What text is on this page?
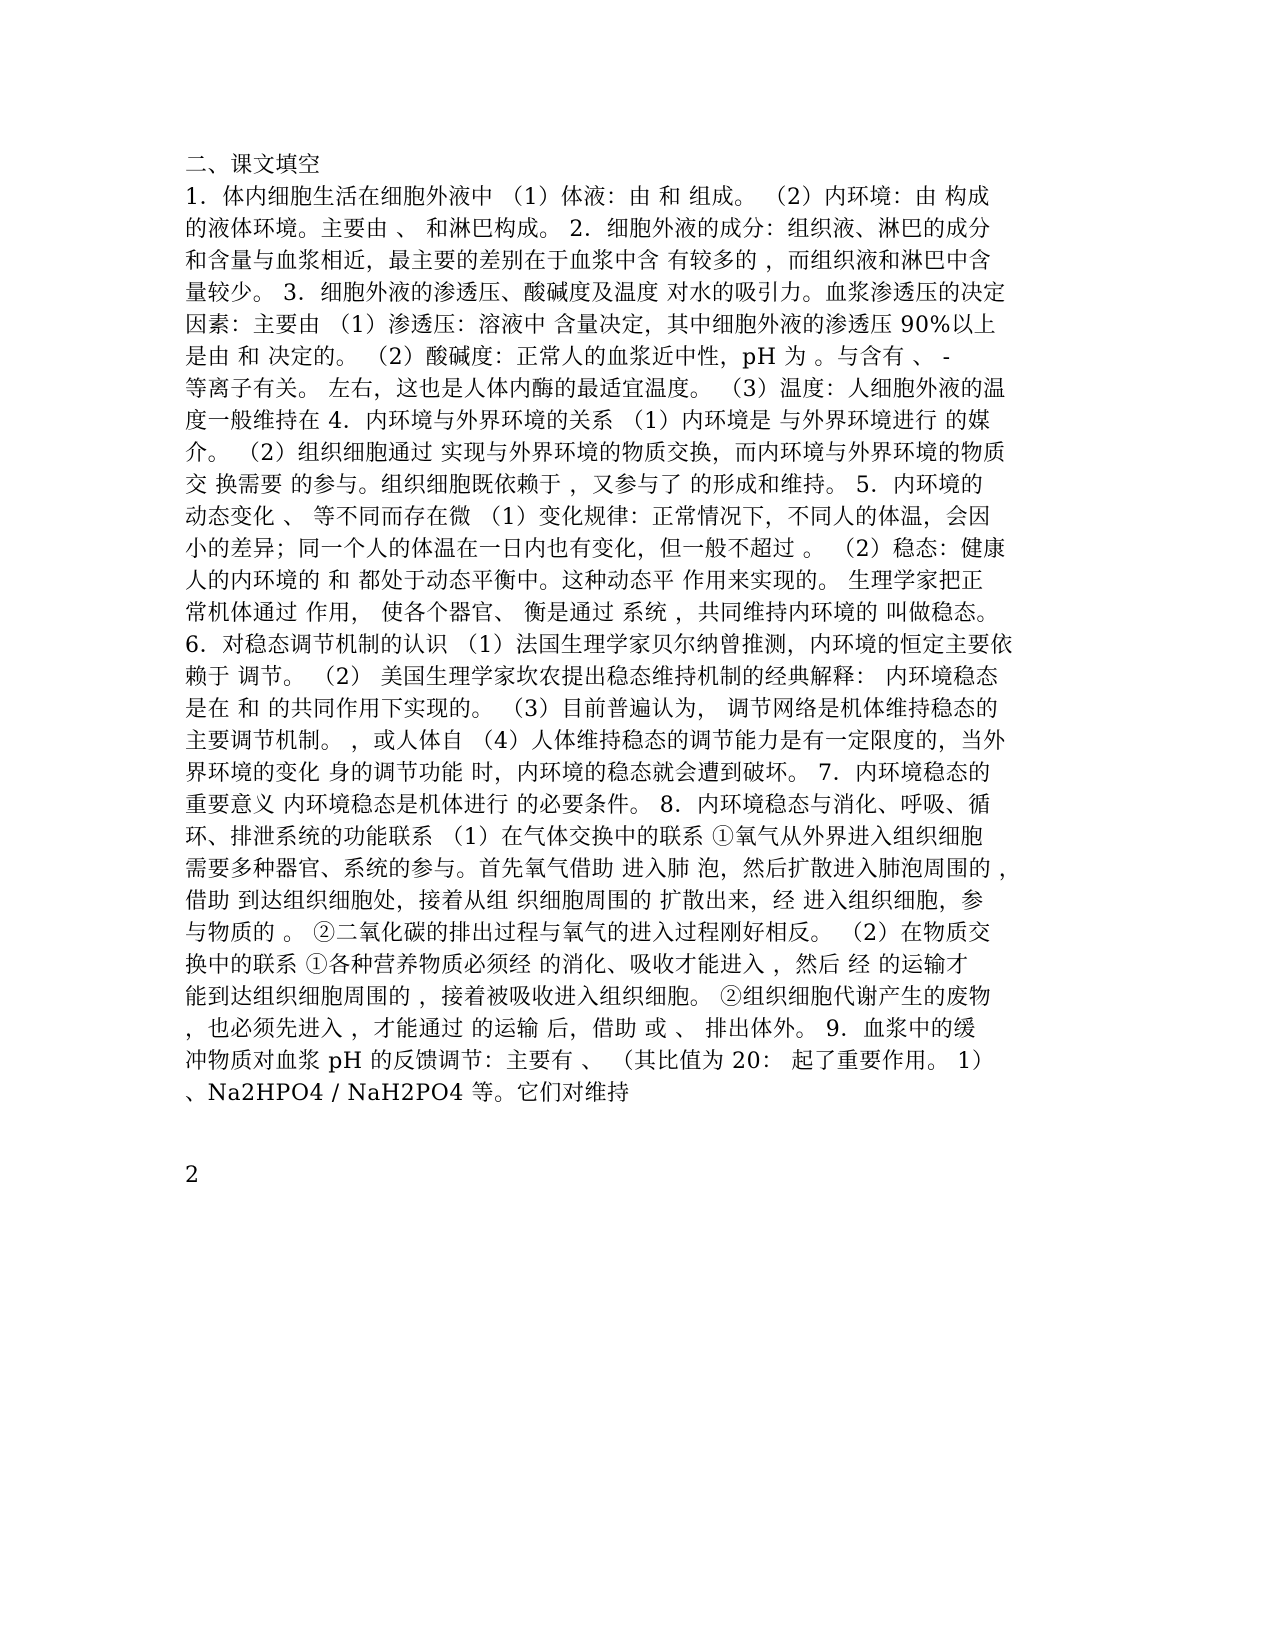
二、课文填空
1．体内细胞生活在细胞外液中 （1）体液：由 和 组成。 （2）内环境：由 构成
的液体环境。主要由 、 和淋巴构成。 2．细胞外液的成分：组织液、淋巴的成分
和含量与血浆相近，最主要的差别在于血浆中含 有较多的 ，而组织液和淋巴中含
量较少。 3．细胞外液的渗透压、酸碱度及温度 对水的吸引力。血浆渗透压的决定
因素：主要由 （1）渗透压：溶液中 含量决定，其中细胞外液的渗透压 90%以上
是由 和 决定的。 （2）酸碱度：正常人的血浆近中性，pH 为 。与含有 、 -
等离子有关。 左右，这也是人体内酶的最适宜温度。 （3）温度：人细胞外液的温
度一般维持在 4．内环境与外界环境的关系 （1）内环境是 与外界环境进行 的媒
介。 （2）组织细胞通过 实现与外界环境的物质交换，而内环境与外界环境的物质
交 换需要 的参与。组织细胞既依赖于 ，又参与了 的形成和维持。 5．内环境的
动态变化 、 等不同而存在微 （1）变化规律：正常情况下，不同人的体温，会因
小的差异；同一个人的体温在一日内也有变化，但一般不超过 。 （2）稳态：健康
人的内环境的 和 都处于动态平衡中。这种动态平 作用来实现的。 生理学家把正
常机体通过 作用， 使各个器官、 衡是通过 系统 ，共同维持内环境的 叫做稳态。
6．对稳态调节机制的认识 （1）法国生理学家贝尔纳曾推测，内环境的恒定主要依
赖于 调节。 （2） 美国生理学家坎农提出稳态维持机制的经典解释： 内环境稳态
是在 和 的共同作用下实现的。 （3）目前普遍认为， 调节网络是机体维持稳态的
主要调节机制。 ，或人体自 （4）人体维持稳态的调节能力是有一定限度的，当外
界环境的变化 身的调节功能 时，内环境的稳态就会遭到破坏。 7．内环境稳态的
重要意义 内环境稳态是机体进行 的必要条件。 8．内环境稳态与消化、呼吸、循
环、排泄系统的功能联系 （1）在气体交换中的联系 ①氧气从外界进入组织细胞
需要多种器官、系统的参与。首先氧气借助 进入肺 泡，然后扩散进入肺泡周围的 ，
借助 到达组织细胞处，接着从组 织细胞周围的 扩散出来，经 进入组织细胞，参
与物质的 。 ②二氧化碳的排出过程与氧气的进入过程刚好相反。 （2）在物质交
换中的联系 ①各种营养物质必须经 的消化、吸收才能进入 ，然后 经 的运输才
能到达组织细胞周围的 ，接着被吸收进入组织细胞。 ②组织细胞代谢产生的废物
，也必须先进入 ，才能通过 的运输 后，借助 或 、 排出体外。 9．血浆中的缓
冲物质对血浆 pH 的反馈调节：主要有 、 （其比值为 20： 起了重要作用。 1）
、Na2HPO4 / NaH2PO4 等。它们对维持
2
